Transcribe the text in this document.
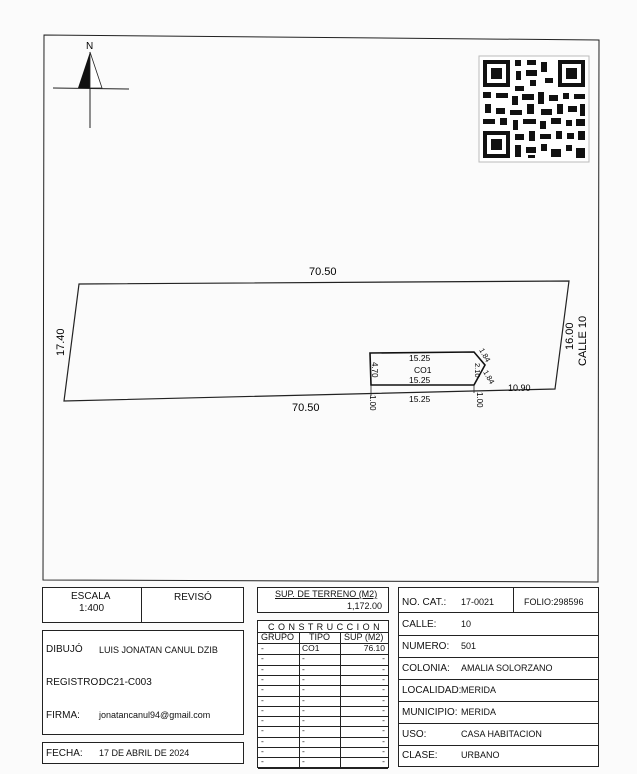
N
70.50
70.50
17.40	16.00 CALLE 10
10.90
15.25
CO1
15.25
15.25
4.70
1.84
2.10 1.84
1.00	1.00
ESCALA
1:400
REVISÓ
DIBUJÓ LUIS JONATAN CANUL DZIB
REGISTRO:
DC21-C003
FIRMA: jonatancanul94@gmail.com
FECHA: 17 DE ABRIL DE 2024
SUP. DE TERRENO (M2)
1,172.00
C O N S T R U C C I O N
GRUPO TIPO SUP (M2)
-	CO1	76.10
-	-	-
-	-	-
-	-	-
-	-	-
-	-	-
-	-	-
-	-	-
-	-	-
-	-	-
-	-	-
-	-	-
NO. CAT.: 17-0021	FOLIO:298596
CALLE:	10
NUMERO: 501
COLONIA: AMALIA SOLORZANO
LOCALIDAD: MERIDA
MUNICIPIO: MERIDA
USO:	CASA HABITACION
CLASE:	URBANO
